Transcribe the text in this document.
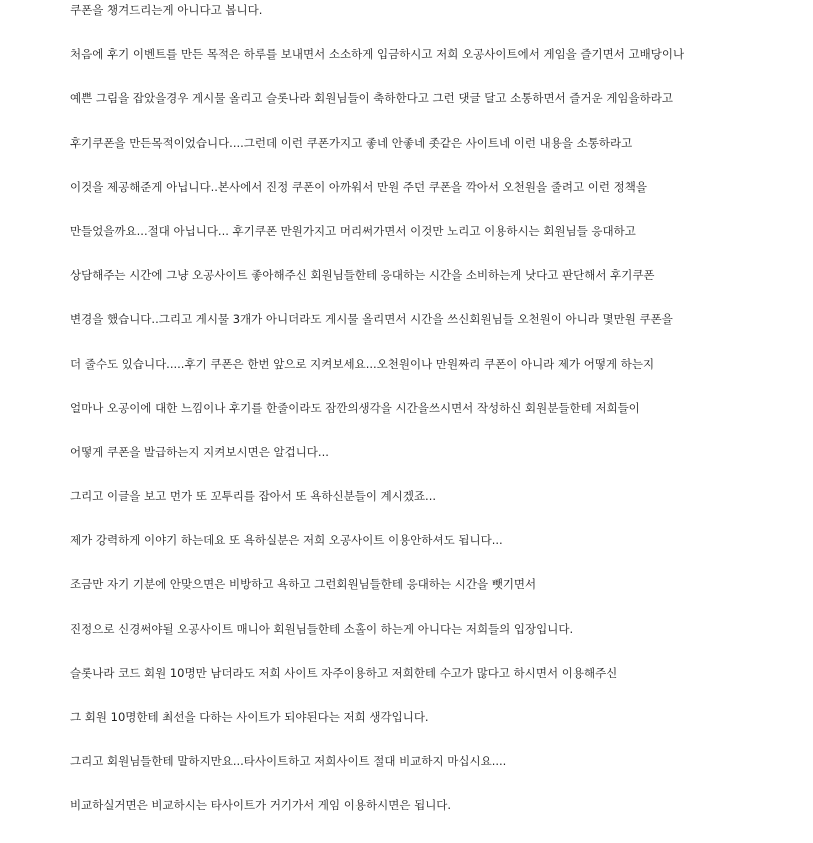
쿠폰을 챙겨드리는게 아니다고 봅니다.

처음에 후기 이벤트를 만든 목적은 하루를 보내면서 소소하게 입금하시고 저희 오공사이트에서 게임을 즐기면서 고배당이나

예쁜 그림을 잡았을경우 게시물 올리고 슬롯나라 회원님들이 축하한다고 그런 댓글 달고 소통하면서 즐거운 게임을하라고

후기쿠폰을 만든목적이었습니다....그런데 이런 쿠폰가지고 좋네 안좋네 좃같은 사이트네 이런 내용을 소통하라고

이것을 제공해준게 아닙니다..본사에서 진정 쿠폰이 아까워서 만원 주던 쿠폰을 깍아서 오천원을 줄려고 이런 정책을

만들었을까요...절대 아닙니다... 후기쿠폰 만원가지고 머리써가면서 이것만 노리고 이용하시는 회원님들 응대하고

상담해주는 시간에 그냥 오공사이트 좋아해주신 회원님들한테 응대하는 시간을 소비하는게 낫다고 판단해서 후기쿠폰

변경을 했습니다..그리고 게시물 3개가 아니더라도 게시물 올리면서 시간을 쓰신회원님들 오천원이 아니라 몇만원 쿠폰을

더 줄수도 있습니다.....후기 쿠폰은 한번 앞으로 지켜보세요...오천원이나 만원짜리 쿠폰이 아니라 제가 어떻게 하는지

얼마나 오공이에 대한 느낌이나 후기를 한줄이라도 잠깐의생각을 시간을쓰시면서 작성하신 회원분들한테 저희들이

어떻게 쿠폰을 발급하는지 지켜보시면은 알겁니다...

그리고 이글을 보고 먼가 또 꼬투리를 잡아서 또 욕하신분들이 계시겠죠...

제가 강력하게 이야기 하는데요 또 욕하실분은 저희 오공사이트 이용안하셔도 됩니다...

조금만 자기 기분에 안맞으면은 비방하고 욕하고 그런회원님들한테 응대하는 시간을 뺏기면서

진정으로 신경써야될 오공사이트 매니아 회원님들한테 소홀이 하는게 아니다는 저희들의 입장입니다.

슬롯나라 코드 회원 10명만 남더라도 저희 사이트 자주이용하고 저희한테 수고가 많다고 하시면서 이용해주신

그 회원 10명한테 최선을 다하는 사이트가 되야된다는 저희 생각입니다.

그리고 회원님들한테 말하지만요...타사이트하고 저희사이트 절대 비교하지 마십시요....

비교하실거면은 비교하시는 타사이트가 거기가서 게임 이용하시면은 됩니다.
